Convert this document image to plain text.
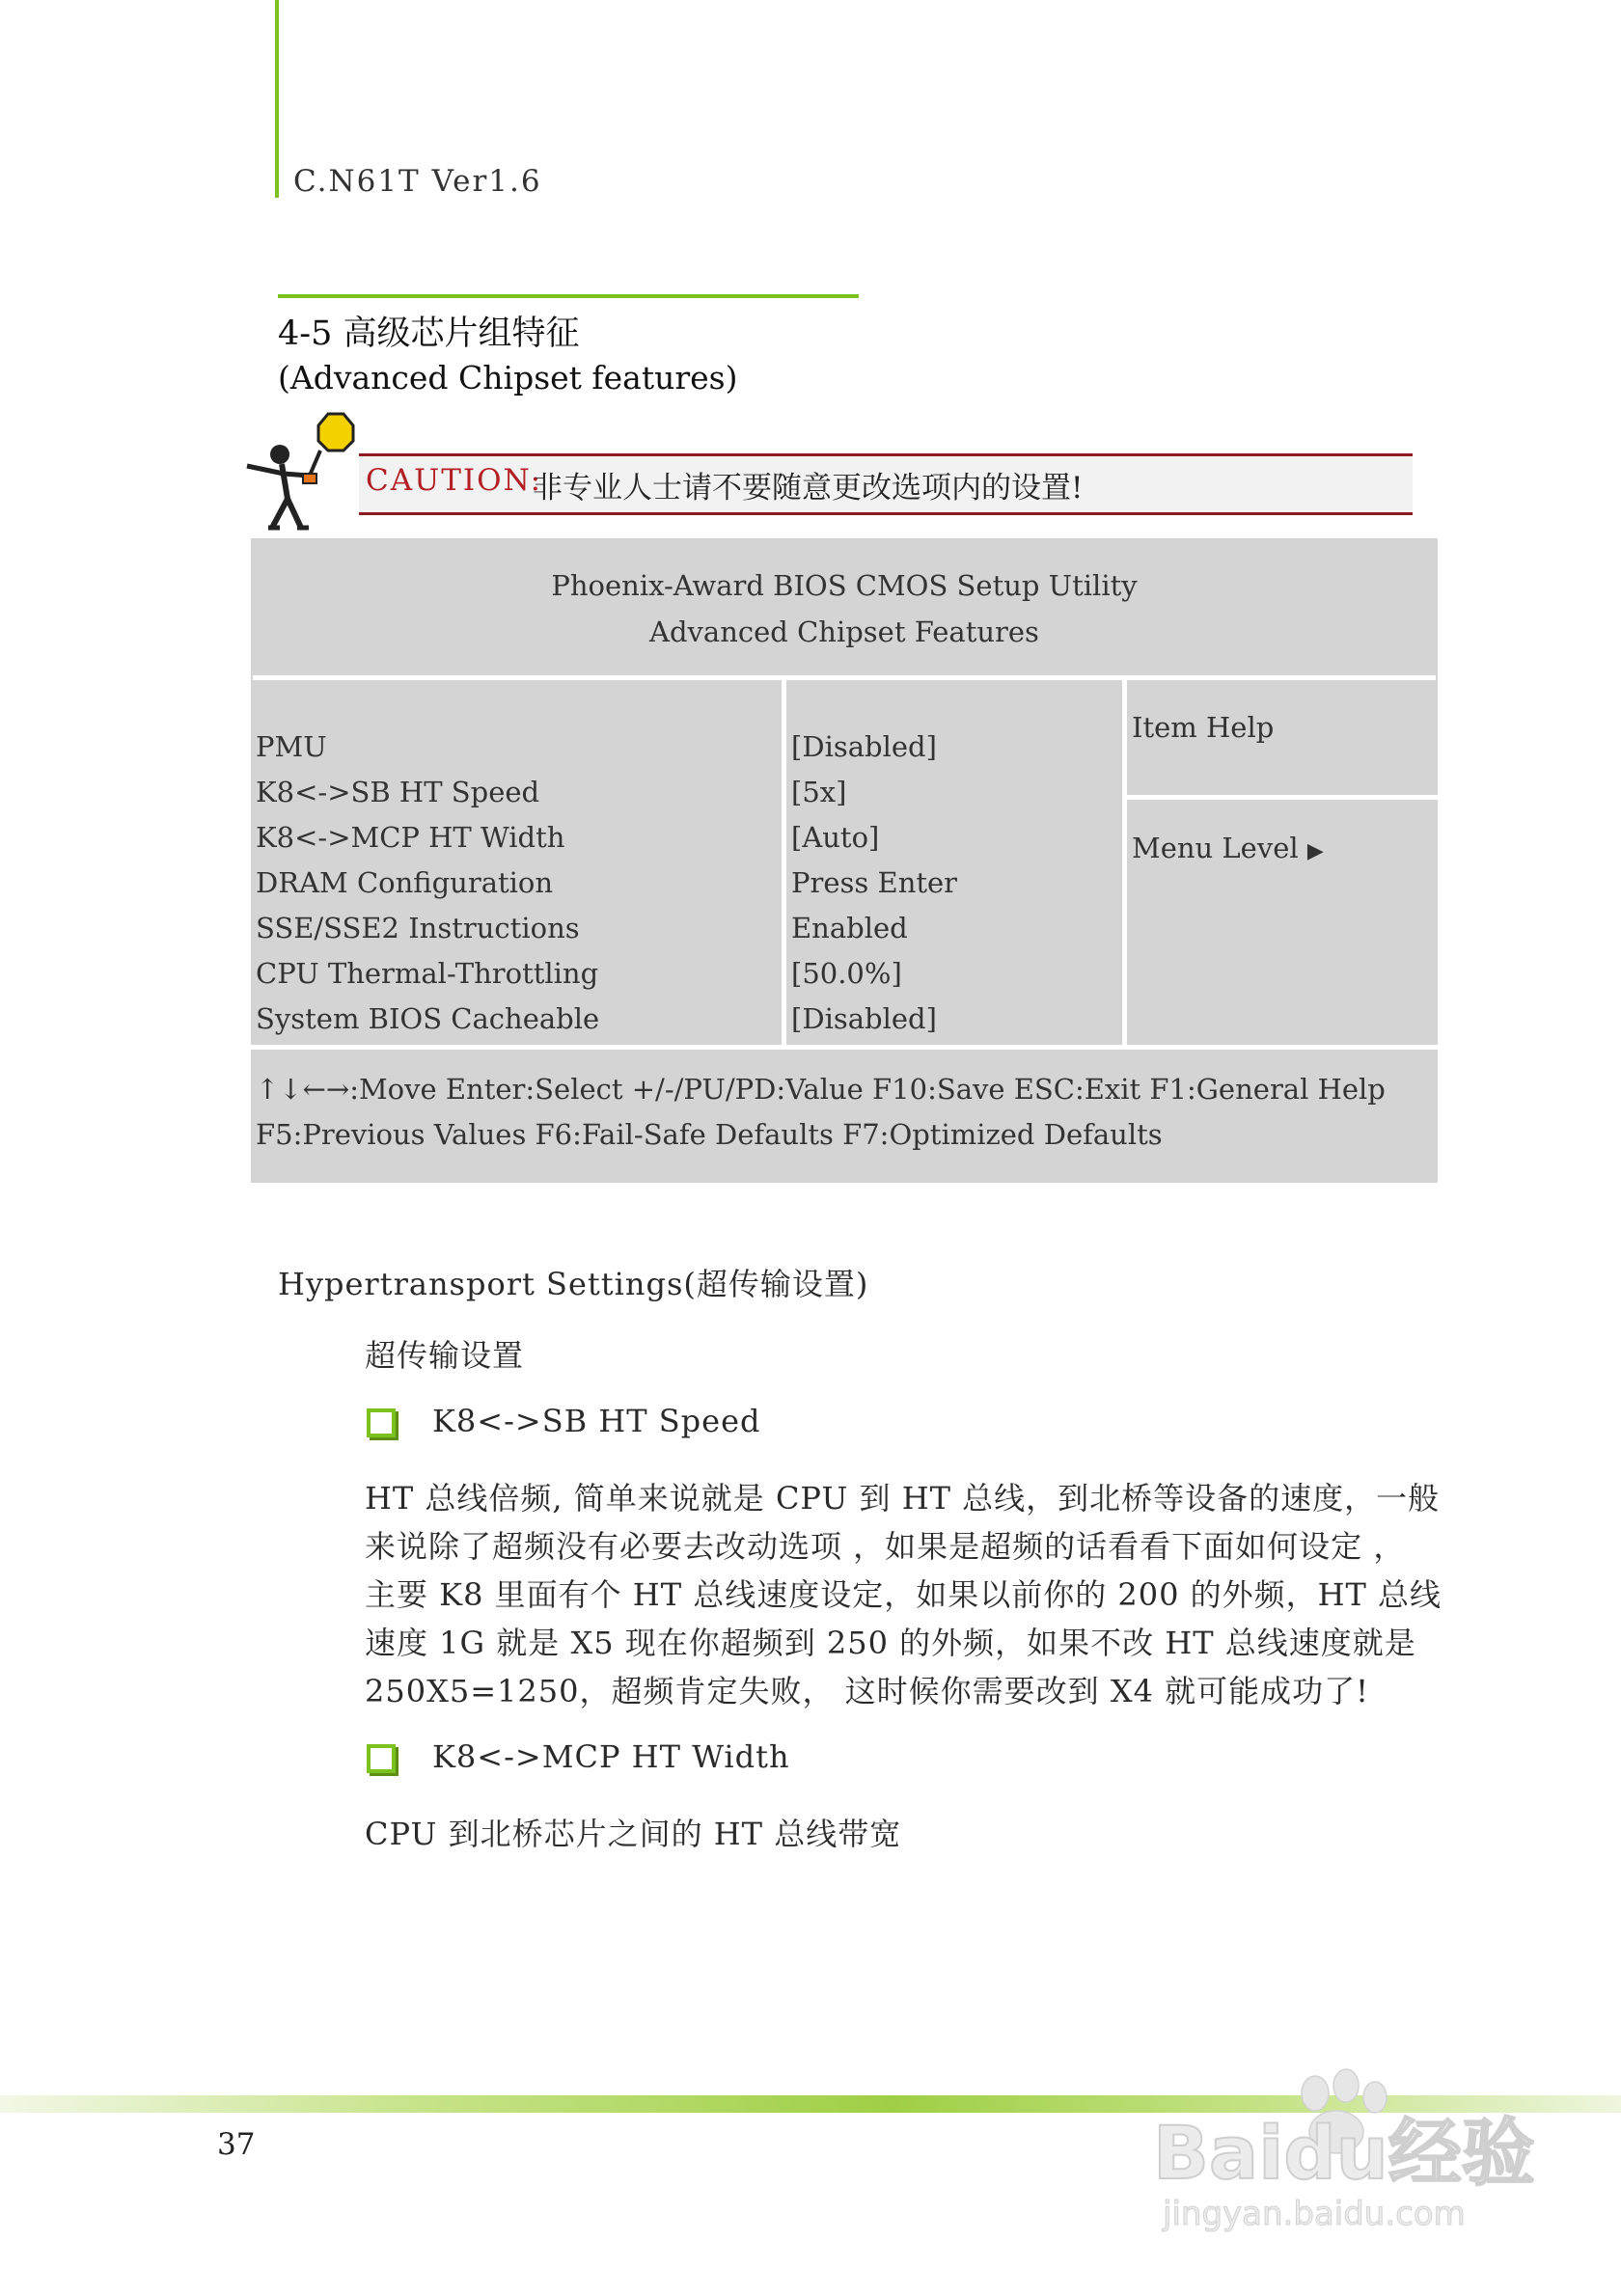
C.N61T Ver1.6
4-5 高级芯片组特征
(Advanced Chipset features)
CAUTION:
非专业人士请不要随意更改选项内的设置!
Phoenix-Award BIOS CMOS Setup Utility
Advanced Chipset Features
PMU	[Disabled]
K8<->SB HT Speed	[5x]
K8<->MCP HT Width	[Auto]
DRAM Configuration	Press Enter
SSE/SSE2 Instructions	Enabled
CPU Thermal-Throttling	[50.0%]
System BIOS Cacheable	[Disabled]
Item Help
Menu Level ▶
↑↓←→:Move Enter:Select +/-/PU/PD:Value F10:Save ESC:Exit F1:General Help
F5:Previous Values F6:Fail-Safe Defaults F7:Optimized Defaults
Hypertransport Settings(超传输设置)
超传输设置
K8<->SB HT Speed
HT 总线倍频, 简单来说就是 CPU 到 HT 总线，到北桥等设备的速度，一般
来说除了超频没有必要去改动选项 ，如果是超频的话看看下面如何设定 ，
主要 K8 里面有个 HT 总线速度设定，如果以前你的 200 的外频，HT 总线
速度 1G 就是 X5 现在你超频到 250 的外频，如果不改 HT 总线速度就是
250X5=1250，超频肯定失败， 这时候你需要改到 X4 就可能成功了!
K8<->MCP HT Width
CPU 到北桥芯片之间的 HT 总线带宽
37	Baidu经验
jingyan.baidu.com
